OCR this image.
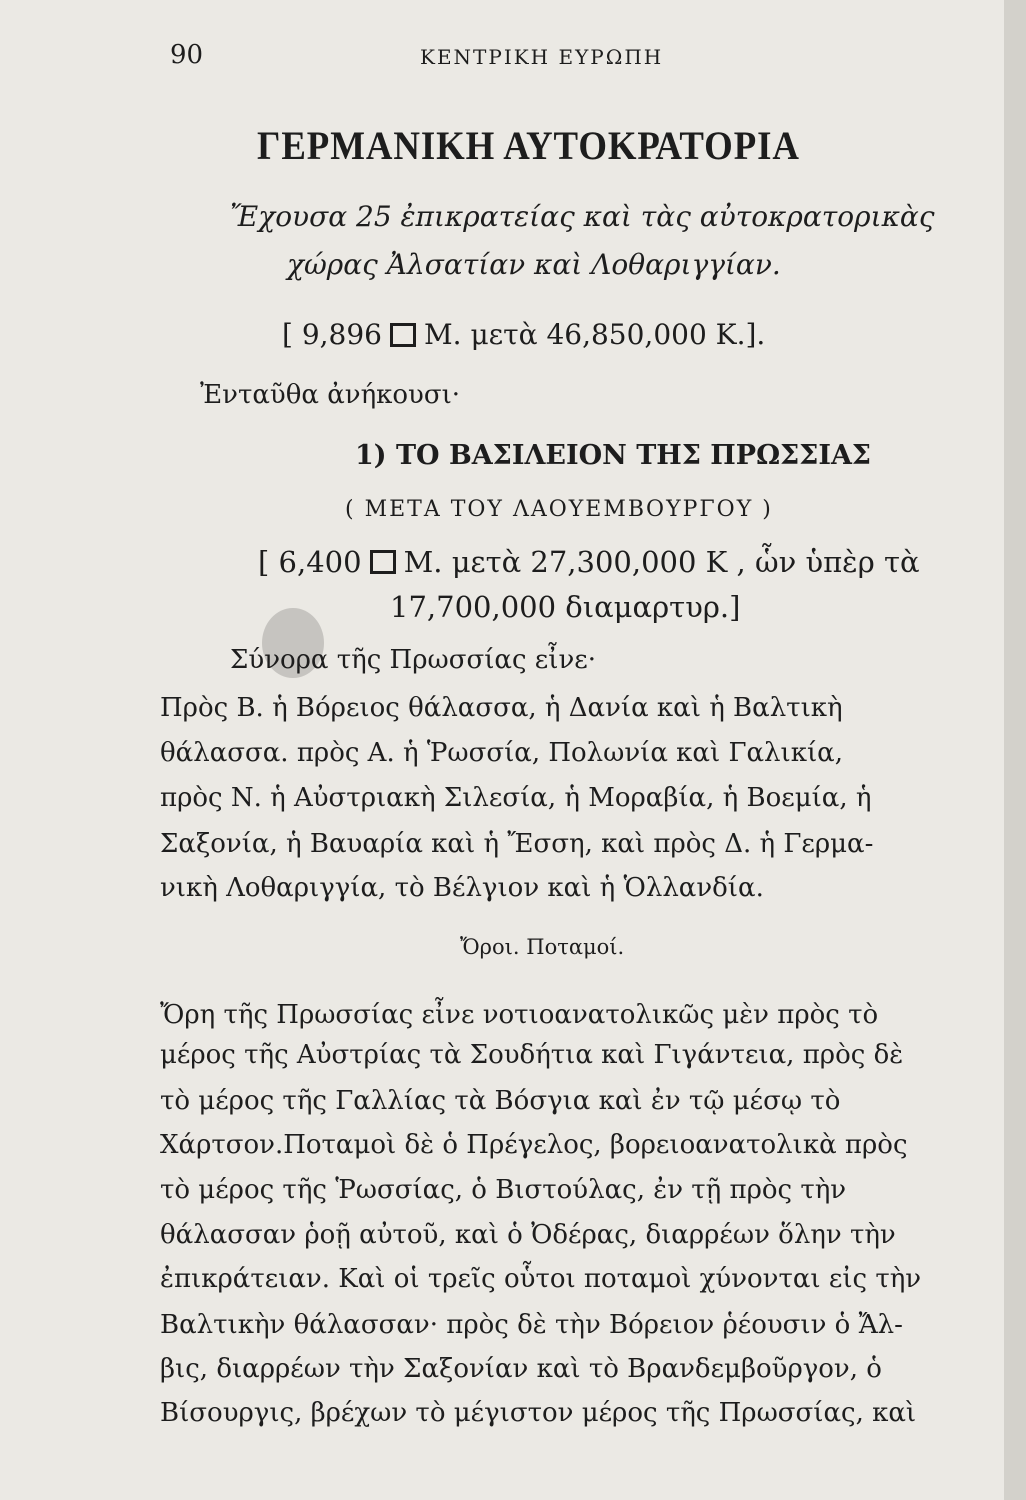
90	ΚΕΝΤΡΙΚΗ ΕΥΡΩΠΗ
ΓΕΡΜΑΝΙΚΗ ΑΥΤΟΚΡΑΤΟΡΙΑ
Ἔχουσα 25 ἐπικρατείας καὶ τὰς αὐτοκρατορικὰς
χώρας Ἀλσατίαν καὶ Λοθαριγγίαν.
[ 9,896 Μ. μετὰ 46,850,000 Κ.].
Ἐνταῦθα ἀνήκουσι·
1) ΤΟ ΒΑΣΙΛΕΙΟΝ ΤΗΣ ΠΡΩΣΣΙΑΣ
( ΜΕΤΑ ΤΟΥ ΛΑΟΥΕΜΒΟΥΡΓΟΥ )
[ 6,400 Μ. μετὰ 27,300,000 Κ , ὧν ὑπὲρ τὰ
17,700,000 διαμαρτυρ.]
Σύνορα τῆς Πρωσσίας εἶνε·
Πρὸς Β. ἡ Βόρειος θάλασσα, ἡ Δανία καὶ ἡ Βαλτικὴ
θάλασσα. πρὸς Α. ἡ Ῥωσσία, Πολωνία καὶ Γαλικία,
πρὸς Ν. ἡ Αὐστριακὴ Σιλεσία, ἡ Μοραβία, ἡ Βοεμία, ἡ
Σαξονία, ἡ Βαυαρία καὶ ἡ Ἔσση, καὶ πρὸς Δ. ἡ Γερμα-
νικὴ Λοθαριγγία, τὸ Βέλγιον καὶ ἡ Ὁλλανδία.
Ὄροι. Ποταμοί.
Ὄρη τῆς Πρωσσίας εἶνε νοτιοανατολικῶς μὲν πρὸς τὸ
μέρος τῆς Αὐστρίας τὰ Σουδήτια καὶ Γιγάντεια, πρὸς δὲ
τὸ μέρος τῆς Γαλλίας τὰ Βόσγια καὶ ἐν τῷ μέσῳ τὸ
Χάρτσον.Ποταμοὶ δὲ ὁ Πρέγελος, βορειοανατολικὰ πρὸς
τὸ μέρος τῆς Ῥωσσίας, ὁ Βιστούλας, ἐν τῇ πρὸς τὴν
θάλασσαν ῥοῇ αὐτοῦ, καὶ ὁ Ὀδέρας, διαρρέων ὅλην τὴν
ἐπικράτειαν. Καὶ οἱ τρεῖς οὗτοι ποταμοὶ χύνονται εἰς τὴν
Βαλτικὴν θάλασσαν· πρὸς δὲ τὴν Βόρειον ῥέουσιν ὁ Ἄλ-
βις, διαρρέων τὴν Σαξονίαν καὶ τὸ Βρανδεμβοῦργον, ὁ
Βίσουργις, βρέχων τὸ μέγιστον μέρος τῆς Πρωσσίας, καὶ
